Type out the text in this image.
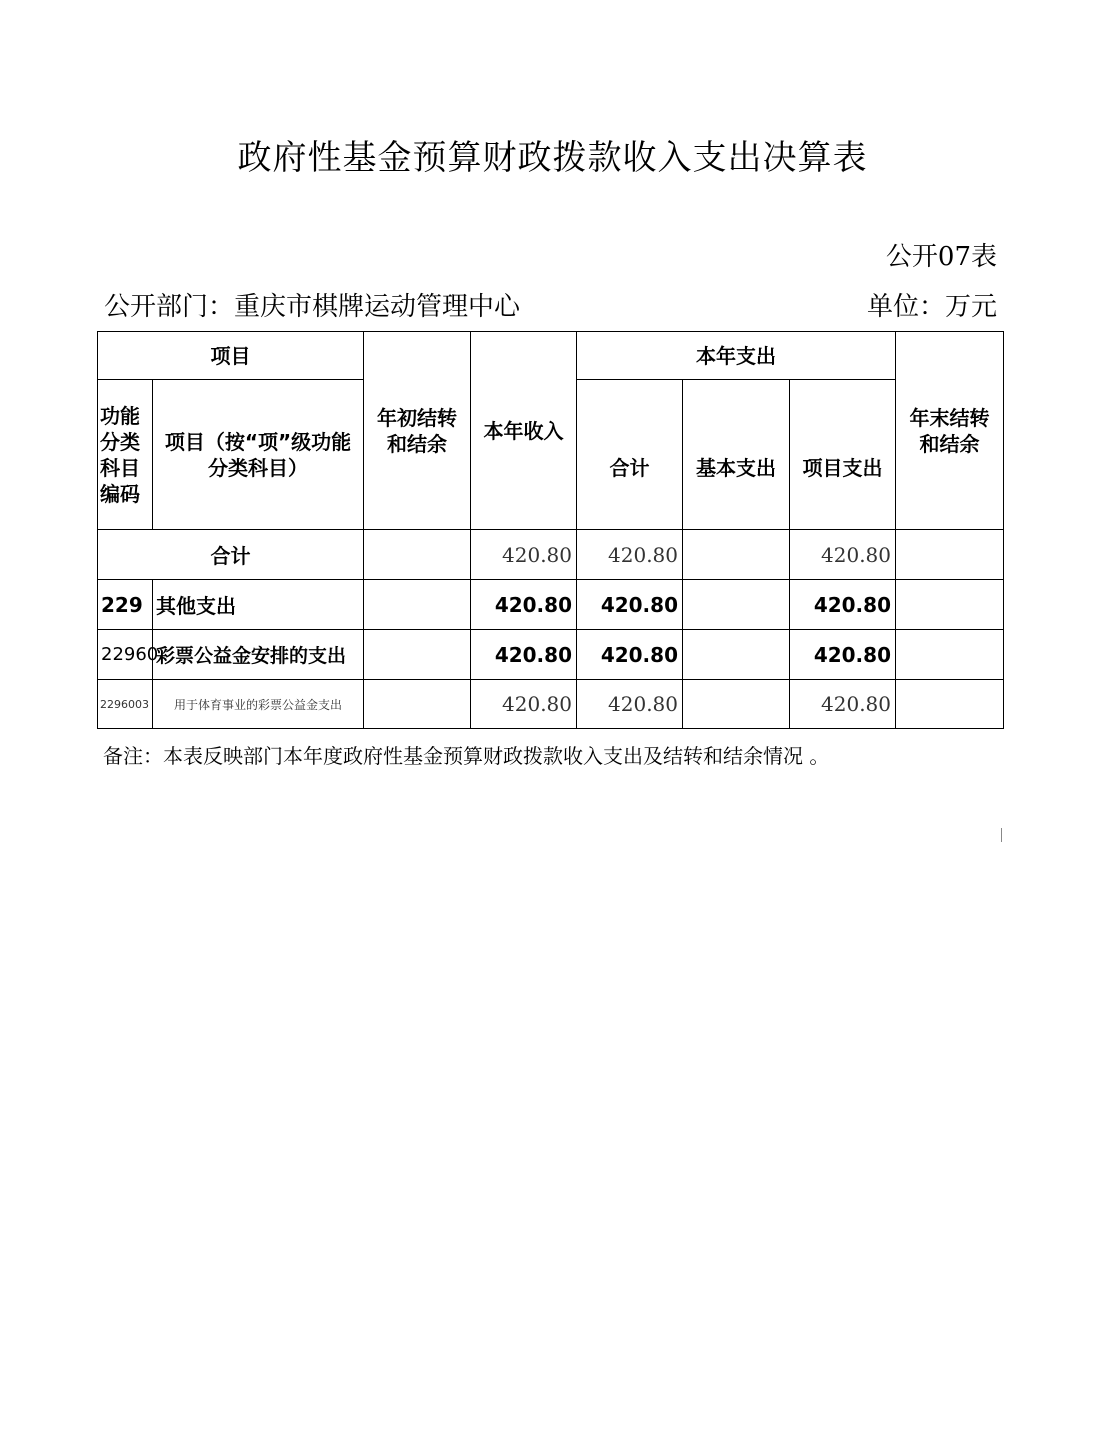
政府性基金预算财政拨款收入支出决算表
公开07表
公开部门：重庆市棋牌运动管理中心	单位：万元
项目		年初结转和结余	本年收入	本年支出			年末结转和结余
功能分类科目编码	项目（按“项”级功能分类科目）			合计	基本支出	项目支出	
合计			420.80	420.80		420.80	
229	其他支出		420.80	420.80		420.80	
22960	彩票公益金安排的支出		420.80	420.80		420.80	
2296003	用于体育事业的彩票公益金支出		420.80	420.80		420.80	
备注：本表反映部门本年度政府性基金预算财政拨款收入支出及结转和结余情况 。
